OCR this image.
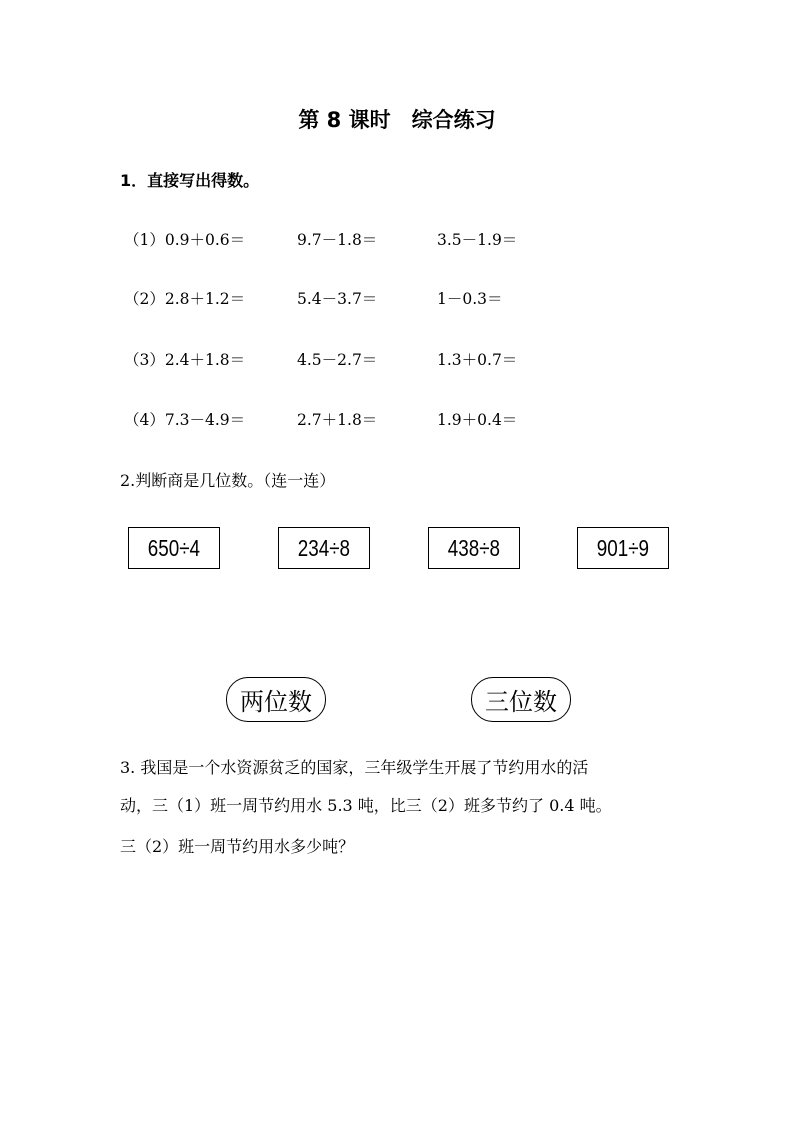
第 8 课时　综合练习
1．直接写出得数。
（1）0.9＋0.6＝	9.7－1.8＝	3.5－1.9＝
（2）2.8＋1.2＝	5.4－3.7＝	1－0.3＝
（3）2.4＋1.8＝	4.5－2.7＝	1.3＋0.7＝
（4）7.3－4.9＝	2.7＋1.8＝	1.9＋0.4＝
2.判断商是几位数。（连一连）
650÷4	234÷8	438÷8	901÷9
两位数	三位数
3. 我国是一个水资源贫乏的国家，三年级学生开展了节约用水的活
动，三（1）班一周节约用水 5.3 吨，比三（2）班多节约了 0.4 吨。
三（2）班一周节约用水多少吨？
